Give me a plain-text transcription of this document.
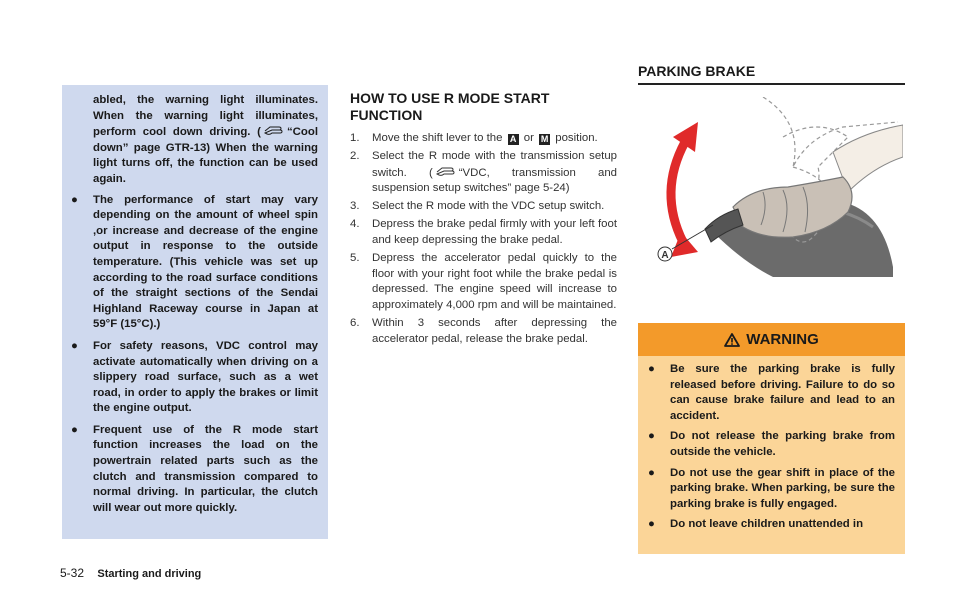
abled, the warning light illuminates. When the warning light illuminates, perform cool down driving. ( “Cool down” page GTR-13) When the warning light turns off, the function can be used again.

● The performance of start may vary depending on the amount of wheel spin ,or increase and decrease of the engine output in response to the outside temperature. (This vehicle was set up according to the road surface conditions of the straight sections of the Sendai Highland Raceway course in Japan at 59°F (15°C).)
● For safety reasons, VDC control may activate automatically when driving on a slippery road surface, such as a wet road, in order to apply the brakes or limit the engine output.
● Frequent use of the R mode start function increases the load on the powertrain related parts such as the clutch and transmission compared to normal driving. In particular, the clutch will wear out more quickly.
HOW TO USE R MODE START FUNCTION
1. Move the shift lever to the A or M position.
2. Select the R mode with the transmission setup switch. ( “VDC, transmission and suspension setup switches” page 5-24)
3. Select the R mode with the VDC setup switch.
4. Depress the brake pedal firmly with your left foot and keep depressing the brake pedal.
5. Depress the accelerator pedal quickly to the floor with your right foot while the brake pedal is depressed. The engine speed will increase to approximately 4,000 rpm and will be maintained.
6. Within 3 seconds after depressing the accelerator pedal, release the brake pedal.
PARKING BRAKE
A
WARNING
● Be sure the parking brake is fully released before driving. Failure to do so can cause brake failure and lead to an accident.
● Do not release the parking brake from outside the vehicle.
● Do not use the gear shift in place of the parking brake. When parking, be sure the parking brake is fully engaged.
● Do not leave children unattended in
5-32 Starting and driving
